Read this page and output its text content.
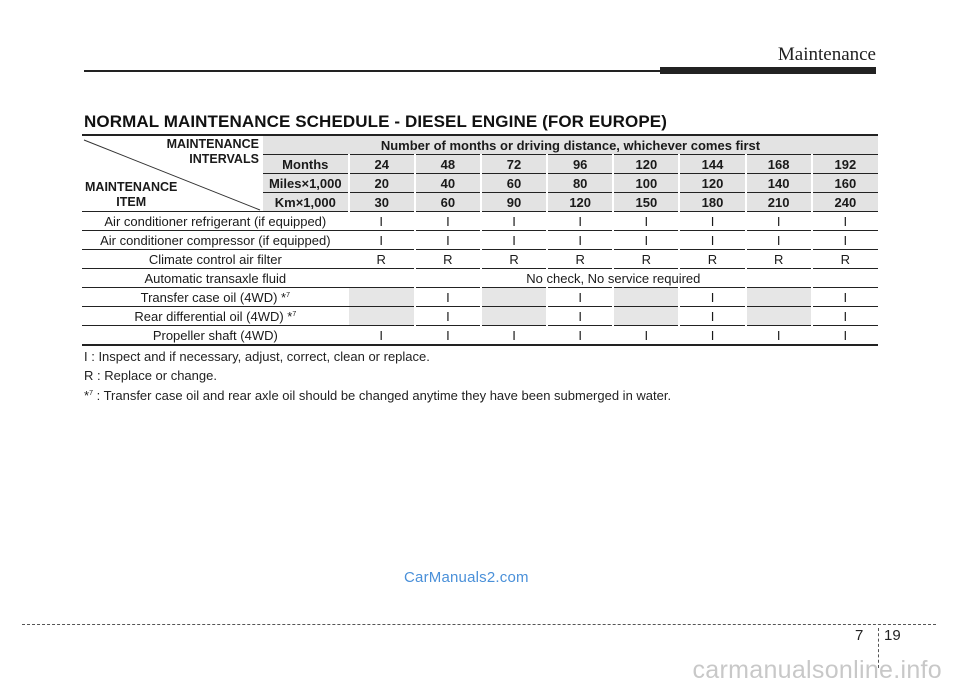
Maintenance
NORMAL MAINTENANCE SCHEDULE - DIESEL ENGINE (FOR EUROPE)
MAINTENANCE
INTERVALS
MAINTENANCE
ITEM	Number of months or driving distance, whichever comes first								
	Months	24	48	72	96	120	144	168	192
	Miles×1,000	20	40	60	80	100	120	140	160
	Km×1,000	30	60	90	120	150	180	210	240
Air conditioner refrigerant (if equipped)		I	I	I	I	I	I	I	I
Air conditioner compressor (if equipped)		I	I	I	I	I	I	I	I
Climate control air filter		R	R	R	R	R	R	R	R
Automatic transaxle fluid		No check, No service required							
Transfer case oil (4WD) *$^7$			I		I		I		I
Rear differential oil (4WD) *$^7$			I		I		I		I
Propeller shaft (4WD)		I	I	I	I	I	I	I	I
I : Inspect and if necessary, adjust, correct, clean or replace.
R : Replace or change.
*$^7$ : Transfer case oil and rear axle oil should be changed anytime they have been submerged in water.
CarManuals2.com
7 19
carmanualsonline.info
